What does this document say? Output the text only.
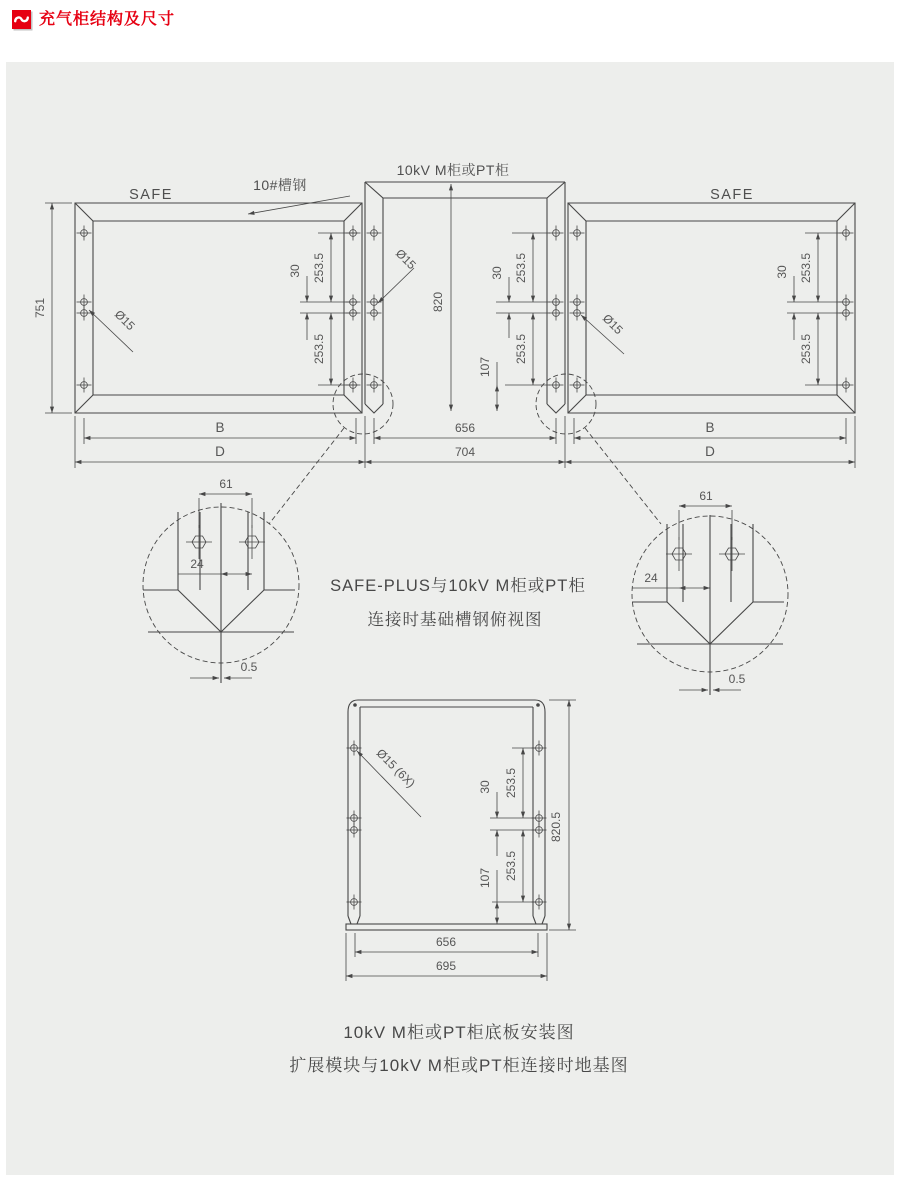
充气柜结构及尺寸
SAFE	SAFE
10kV M柜或PT柜
10#槽钢
751	820
253.5
30
253.5
253.5
30
253.5
107
253.5
30
253.5
Ø15
Ø15
Ø15
B	656	B
D	704	D
61
24
0.5
61
24
0.5
SAFE-PLUS与10kV M柜或PT柜
连接时基础槽钢俯视图
Ø15 (6X)	253.5
30
253.5
107
820.5
656
695
10kV M柜或PT柜底板安装图
扩展模块与10kV M柜或PT柜连接时地基图
